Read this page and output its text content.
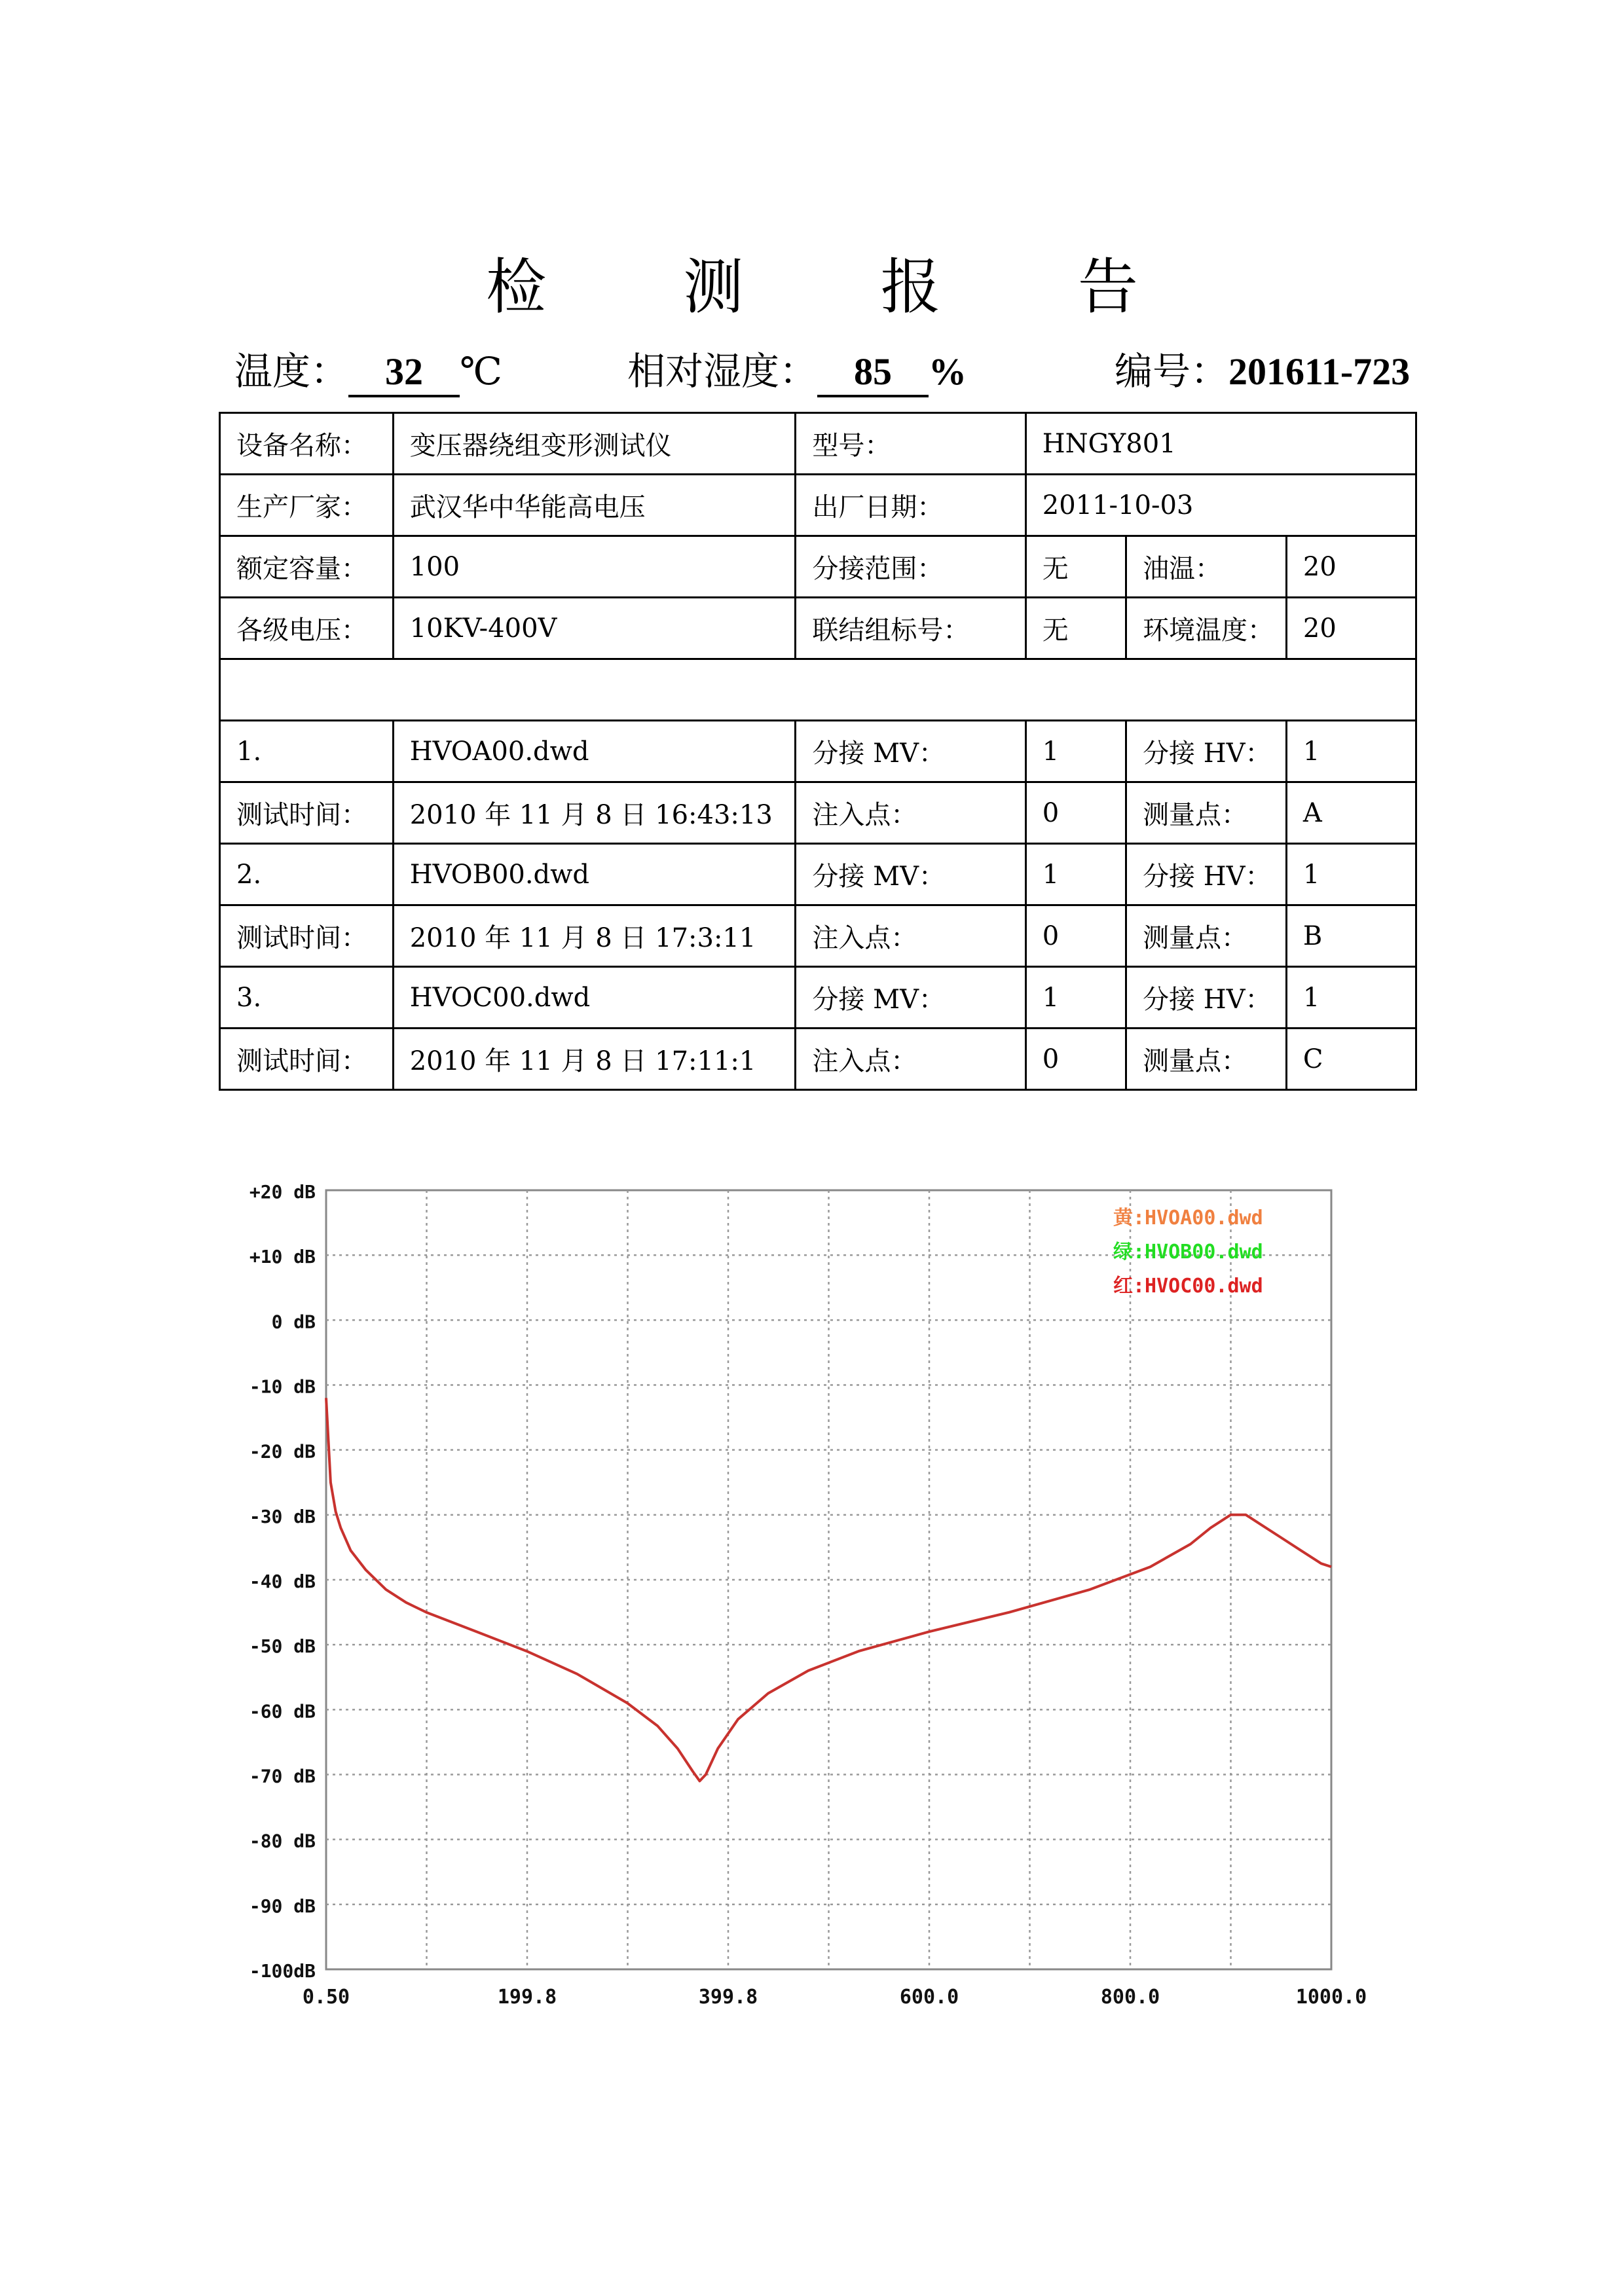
检 测 报 告
温度： 32 ℃	相对湿度： 85 %	编号：201611-723
设备名称：	变压器绕组变形测试仪	型号：	HNGY801		
生产厂家：	武汉华中华能高电压	出厂日期：	2011-10-03		
额定容量：	100	分接范围：	无	油温：	20
各级电压：	10KV-400V	联结组标号：	无	环境温度：	20

1.	HVOA00.dwd	分接 MV：	1	分接 HV：	1
测试时间：	2010 年 11 月 8 日 16:43:13	注入点：	0	测量点：	A
2.	HVOB00.dwd	分接 MV：	1	分接 HV：	1
测试时间：	2010 年 11 月 8 日 17:3:11	注入点：	0	测量点：	B
3.	HVOC00.dwd	分接 MV：	1	分接 HV：	1
测试时间：	2010 年 11 月 8 日 17:11:1	注入点：	0	测量点：	C
+20 dB
+10 dB
0 dB
-10 dB
-20 dB
-30 dB
-40 dB
-50 dB
-60 dB
-70 dB
-80 dB
-90 dB
-100dB
0.50	199.8	399.8	600.0	800.0	1000.0
黄:HVOA00.dwd
绿:HVOB00.dwd
红:HVOC00.dwd
